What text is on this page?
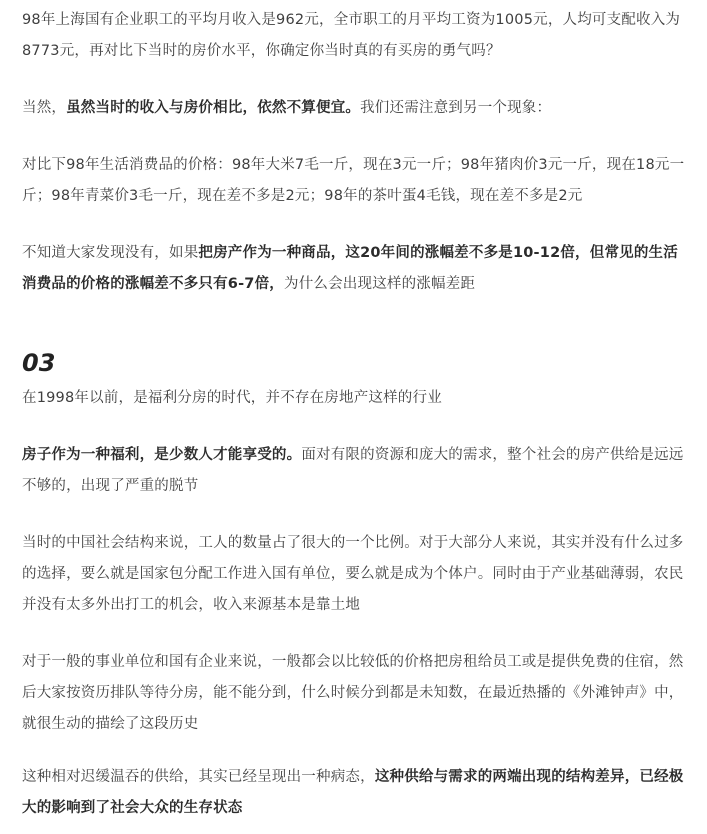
98年上海国有企业职工的平均月收入是962元，全市职工的月平均工资为1005元，人均可支配收入为8773元，再对比下当时的房价水平，你确定你当时真的有买房的勇气吗？

当然，虽然当时的收入与房价相比，依然不算便宜。我们还需注意到另一个现象：

对比下98年生活消费品的价格：98年大米7毛一斤，现在3元一斤；98年猪肉价3元一斤，现在18元一斤；98年青菜价3毛一斤，现在差不多是2元；98年的茶叶蛋4毛钱，现在差不多是2元

不知道大家发现没有，如果把房产作为一种商品，这20年间的涨幅差不多是10-12倍，但常见的生活消费品的价格的涨幅差不多只有6-7倍，为什么会出现这样的涨幅差距

03

在1998年以前，是福利分房的时代，并不存在房地产这样的行业

房子作为一种福利，是少数人才能享受的。面对有限的资源和庞大的需求，整个社会的房产供给是远远不够的，出现了严重的脱节

当时的中国社会结构来说，工人的数量占了很大的一个比例。对于大部分人来说，其实并没有什么过多的选择，要么就是国家包分配工作进入国有单位，要么就是成为个体户。同时由于产业基础薄弱，农民并没有太多外出打工的机会，收入来源基本是靠土地

对于一般的事业单位和国有企业来说，一般都会以比较低的价格把房租给员工或是提供免费的住宿，然后大家按资历排队等待分房，能不能分到，什么时候分到都是未知数，在最近热播的《外滩钟声》中，就很生动的描绘了这段历史

这种相对迟缓温吞的供给，其实已经呈现出一种病态，这种供给与需求的两端出现的结构差异，已经极大的影响到了社会大众的生存状态
